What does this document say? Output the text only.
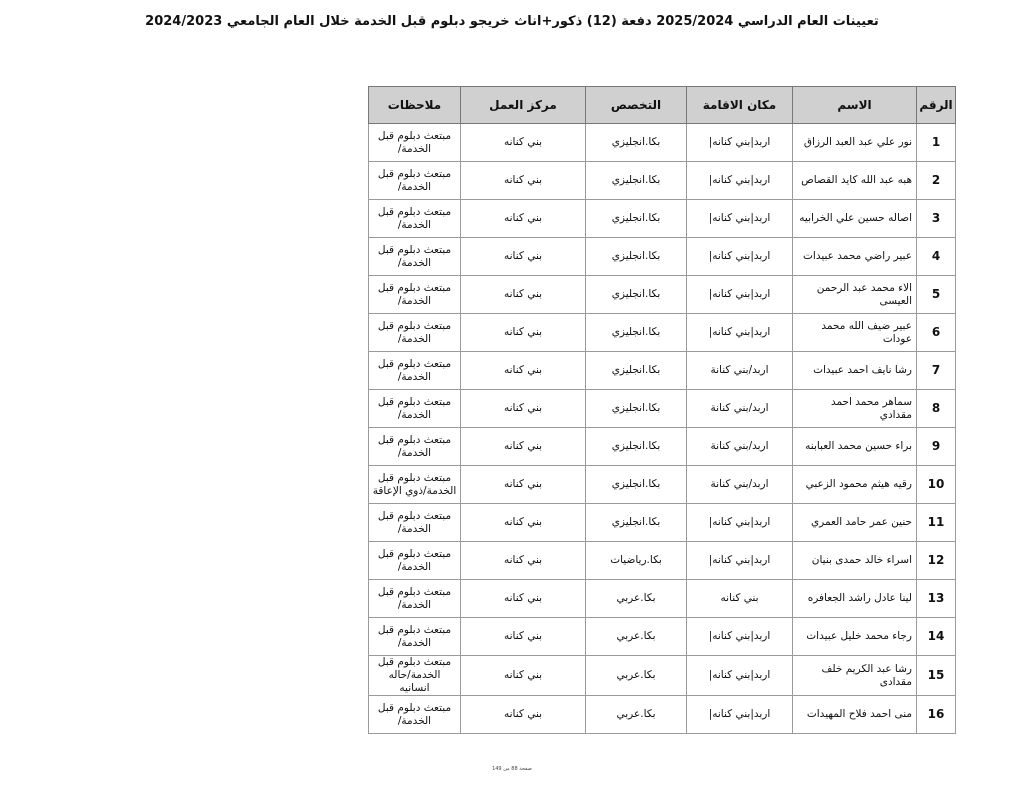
تعيينات العام الدراسي 2025/2024 دفعة (12) ذكور+اناث خريجو دبلوم قبل الخدمة خلال العام الجامعي 2024/2023
الرقم	الاسم	مكان الاقامة	التخصص	مركز العمل	ملاحظات
1	نور علي عبد العبد الرزاق	اربد|بني كنانه|	بكا.انجليزي	بني كنانه	مبتعث دبلوم قبل الخدمة/
2	هبه عبد الله كايد القصاص	اربد|بني كنانه|	بكا.انجليزي	بني كنانه	مبتعث دبلوم قبل الخدمة/
3	اصاله حسين علي الخرابيه	اربد|بني كنانه|	بكا.انجليزي	بني كنانه	مبتعث دبلوم قبل الخدمة/
4	عبير راضي محمد عبيدات	اربد|بني كنانه|	بكا.انجليزي	بني كنانه	مبتعث دبلوم قبل الخدمة/
5	الاء محمد عبد الرحمن العيسى	اربد|بني كنانه|	بكا.انجليزي	بني كنانه	مبتعث دبلوم قبل الخدمة/
6	عبير ضيف الله محمد عودات	اربد|بني كنانه|	بكا.انجليزي	بني كنانه	مبتعث دبلوم قبل الخدمة/
7	رشا نايف احمد عبيدات	اربد/بني كنانة	بكا.انجليزي	بني كنانه	مبتعث دبلوم قبل الخدمة/
8	سماهر محمد احمد مقدادي	اربد/بني كنانة	بكا.انجليزي	بني كنانه	مبتعث دبلوم قبل الخدمة/
9	براء حسين محمد العبابنه	اربد/بني كنانة	بكا.انجليزي	بني كنانه	مبتعث دبلوم قبل الخدمة/
10	رقيه هيثم محمود الزعبي	اربد/بني كنانة	بكا.انجليزي	بني كنانه	مبتعث دبلوم قبل الخدمة/ذوي الإعاقة
11	حنين عمر حامد العمري	اربد|بني كنانه|	بكا.انجليزي	بني كنانه	مبتعث دبلوم قبل الخدمة/
12	اسراء خالد حمدى بنيان	اربد|بني كنانه|	بكا.رياضيات	بني كنانه	مبتعث دبلوم قبل الخدمة/
13	لينا عادل راشد الجعافره	بني كنانه	بكا.عربي	بني كنانه	مبتعث دبلوم قبل الخدمة/
14	رجاء محمد خليل عبيدات	اربد|بني كنانه|	بكا.عربي	بني كنانه	مبتعث دبلوم قبل الخدمة/
15	رشا عبد الكريم خلف مقدادى	اربد|بني كنانه|	بكا.عربي	بني كنانه	مبتعث دبلوم قبل الخدمة/حاله انسانيه
16	منى احمد فلاح المهيدات	اربد|بني كنانه|	بكا.عربي	بني كنانه	مبتعث دبلوم قبل الخدمة/
صفحة 88 من 149
